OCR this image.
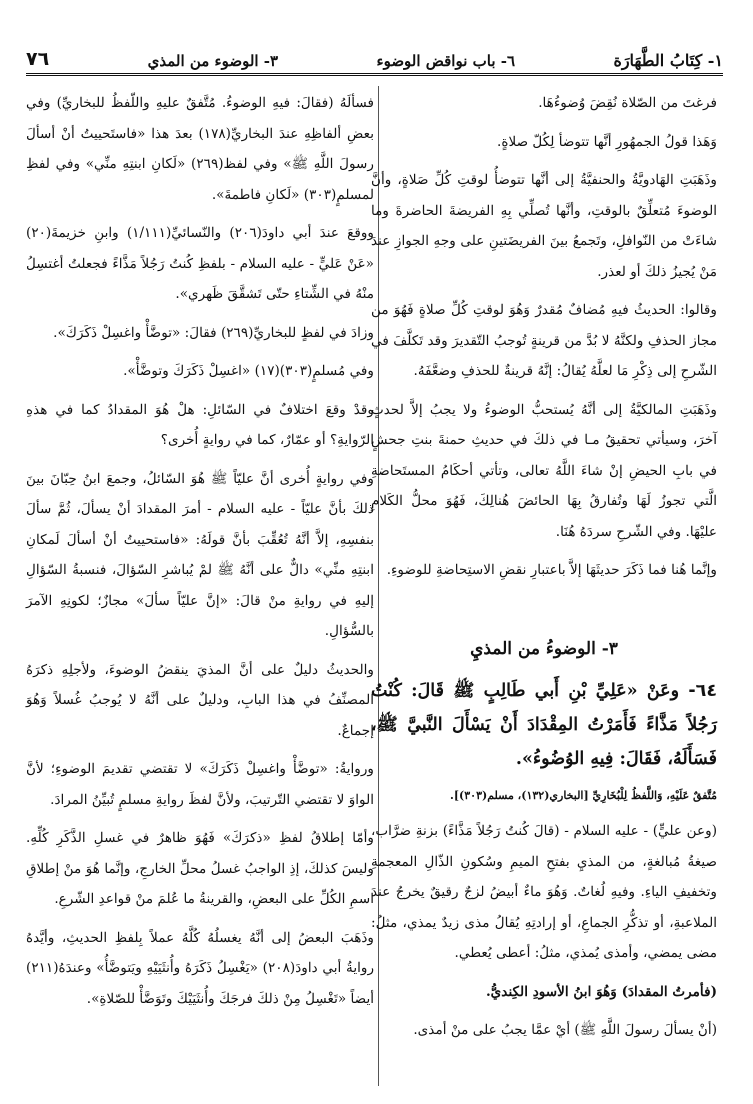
١- كِتَابُ الطَّهَارَة
٦- باب نواقض الوضوء
٣- الوضوء من المذي
٧٦

فرغتَ من الصّلاة نُقِضَ وُضوءُهَا.

وَهَذا قولُ الجمهُورِ أنَّها تتوضأ لِكُلّ صلاةٍ.

وذَهَبَتِ الهَادويَّةُ والحنفيَّةُ إلى أنَّها تتوضأُ لوقتِ كُلِّ صَلاةٍ، وأنَّ الوضوءَ مُتعلِّقٌ بالوقتِ، وأنَّها تُصلِّي بِهِ الفريضةَ الحاضرةَ وما شاءَتْ من النّوافلِ، وتَجمعُ بينَ الفريضَتينِ على وجهِ الجوازِ عندَ مَنْ يُجيزُ ذلكَ أو لعذر.

وقالوا: الحديثُ فيهِ مُضافٌ مُقدرٌ وَهُوَ لوقتِ كُلِّ صلاةٍ فَهُوَ من مجاز الحذفِ ولكنَّهُ لا بُدَّ من قرينةٍ تُوجبُ التّقديرَ وقد تَكلَّفَ في الشّرحِ إلى ذِكْرِ مَا لعلَّهُ يُقالُ: إنَّهُ قرينةٌ للحذفِ وضعَّفَهُ.

وذَهَبَتِ المالكيَّةُ إلى أنَّهُ يُستحبُّ الوضوءُ ولا يجبُ إلاَّ لحدثٍ آخرَ، وسيأتي تحقيقُ مـا في ذلكَ في حديثِ حمنةَ بنتِ جحشٍ في بابِ الحيضِ إنْ شاءَ اللَّهُ تعالى، وتأتي أحكَامُ المستَحاضةِ الَّتي تجوزُ لَهَا وتُفارقُ بِهَا الحائضَ هُنالِكَ، فَهُوَ محلُّ الكَلامِ عليْهَا. وفي الشّرحِ سردَهُ هُنَا.

وإنَّما هُنا فما ذَكَرَ حديثَهَا إلاَّ باعتبارِ نقضِ الاستِحاضةِ للوضوءِ.

٣- الوضوءُ من المذيِ

٦٤- وعَنْ «عَلِيِّ بْنِ أَبي طَالِبٍ ﷺ قَالَ: كُنْتُ رَجُلاً مَذَّاءً فَأَمَرْتُ المِقْدَادَ أَنْ يَسْأَلَ النَّبيَّ ﷺ، فَسَأَلَهُ، فَقَالَ: فِيهِ الوُضُوءُ».

مُتَّفقٌ عَلَيْهِ، وَاللَّفظُ لِلْبُخَارِيِّ [البخاري(١٣٢)، مسلم(٣٠٣)].

(وعن عليٍّ) - عليه السلام - (قالَ كُنتُ رَجُلاً مَذَّاءً) بزنةِ ضرَّاب، صيغةُ مُبالغةٍ، من المذيِ بفتحِ الميمِ وسُكونِ الذّالِ المعجمةِ وتخفيفِ الياءِ. وفيهِ لُغاتٌ. وَهُوَ ماءٌ أبيضُ لزجٌ رقيقٌ يخرجُ عندَ الملاعبةِ، أو تذكُّرِ الجماعِ، أو إرادتِهِ يُقالُ مذى زيدٌ يمذي، مثلُ: مضى يمضي، وأمذى يُمذي، مثلُ: أعطى يُعطي.

(فأمرتُ المقدادَ) وَهُوَ ابنُ الأسودِ الكِنديُّ.

(أنْ يسألَ رسولَ اللَّهِ ﷺ) أيْ عمَّا يجبُ على منْ أمذى.

فسألَهُ (فقالَ: فيهِ الوضوءُ. مُتَّفقٌ عليهِ واللّفظُ للبخاريِّ) وفي بعضِ ألفاظِهِ عندَ البخاريِّ(١٧٨) بعدَ هذا «فاستَحييتُ أنْ أسألَ رسولَ اللَّهِ ﷺ» وفي لفظ(٢٦٩) «لَكانِ ابنتِهِ منِّي» وفي لفظِ لمسلمٍ(٣٠٣) «لَكانِ فاطمةَ».

ووقعَ عندَ أبي داودَ(٢٠٦) والنّسائيِّ(١/١١١) وابنِ خزيمةَ(٢٠) «عَنْ عَليٍّ - عليه السلام - بلفظِ كُنتُ رَجُلاً مَذَّاءً فجعلتُ أغتسِلُ منْهُ في الشِّتاءِ حتّى تَشقَّقَ ظَهري».

وزادَ في لفظٍ للبخاريِّ(٢٦٩) فقالَ: «توضَّأْ واغسِلْ ذَكَرَكَ».

وفي مُسلمٍ(٣٠٣)(١٧) «اغسِلْ ذَكَرَكَ وتوضَّأْ».

وقدْ وقعَ اختلافٌ في السّائلِ: هلْ هُوَ المقدادُ كما في هذهِ الرّوايةِ؟ أو عمّارٌ، كما في روايةٍ أُخرى؟

وفي روايةٍ أُخرى أنَّ عليّاً ﷺ هُوَ السّائلُ، وجمعَ ابنُ حِبّانَ بينَ ذلكَ بأنَّ عليّاً - عليه السلام - أمرَ المقدادَ أنْ يسألَ، ثُمَّ سألَ بنفسِهِ، إلاَّ أنَّهُ تُعُقِّبَ بأنَّ قولَهُ: «فاستحييتُ أنْ أسألَ لَمكانِ ابنتِهِ منِّي» دالٌّ على أنَّهُ ﷺ لمْ يُباشرِ السّؤالَ، فنسبةُ السّؤالِ إليهِ في روايةِ منْ قالَ: «إنَّ عليّاً سألَ» مجازٌ؛ لكونِهِ الآمرَ بالسُّؤالِ.

والحديثُ دليلٌ على أنَّ المذيَ ينقضُ الوضوءَ، ولأجلِهِ ذكرَهُ المصنِّفُ في هذا البابِ، ودليلٌ على أنَّهُ لا يُوجبُ غُسلاً وَهُوَ إجماعٌ.

وروايةُ: «توضَّأْ واغسِلْ ذَكَرَكَ» لا تقتضي تقديمَ الوضوءِ؛ لأنَّ الواوَ لا تقتضي التّرتيبَ، ولأنَّ لفظَ روايةِ مسلمٍ تُبيِّنُ المرادَ.

وأمّا إطلاقُ لفظِ «ذكرَكَ» فَهُوَ ظاهرٌ في غسلِ الذَّكَرِ كُلِّهِ. وليسَ كذلكَ، إذِ الواجبُ غسلُ محلِّ الخارجِ، وإنَّما هُوَ منْ إطلاقِ اسمِ الكُلِّ على البعضِ، والقرينةُ ما عُلمَ منْ قواعدِ الشّرعِ.

وذَهَبَ البعضُ إلى أنَّهُ يغسلُهُ كُلَّهُ عملاً بِلفظِ الحديثِ، وأيَّدهُ روايةُ أبي داودَ(٢٠٨) «يَغْسِلُ ذَكَرَهُ وأُنثَيَيْهِ ويَتوضَّأُ» وعندَهُ(٢١١) أيضاً «تَغْسِلُ مِنْ ذلكَ فرجَكَ وأُنثَيَيْكَ وتَوَضَّأْ للصّلاةِ».
